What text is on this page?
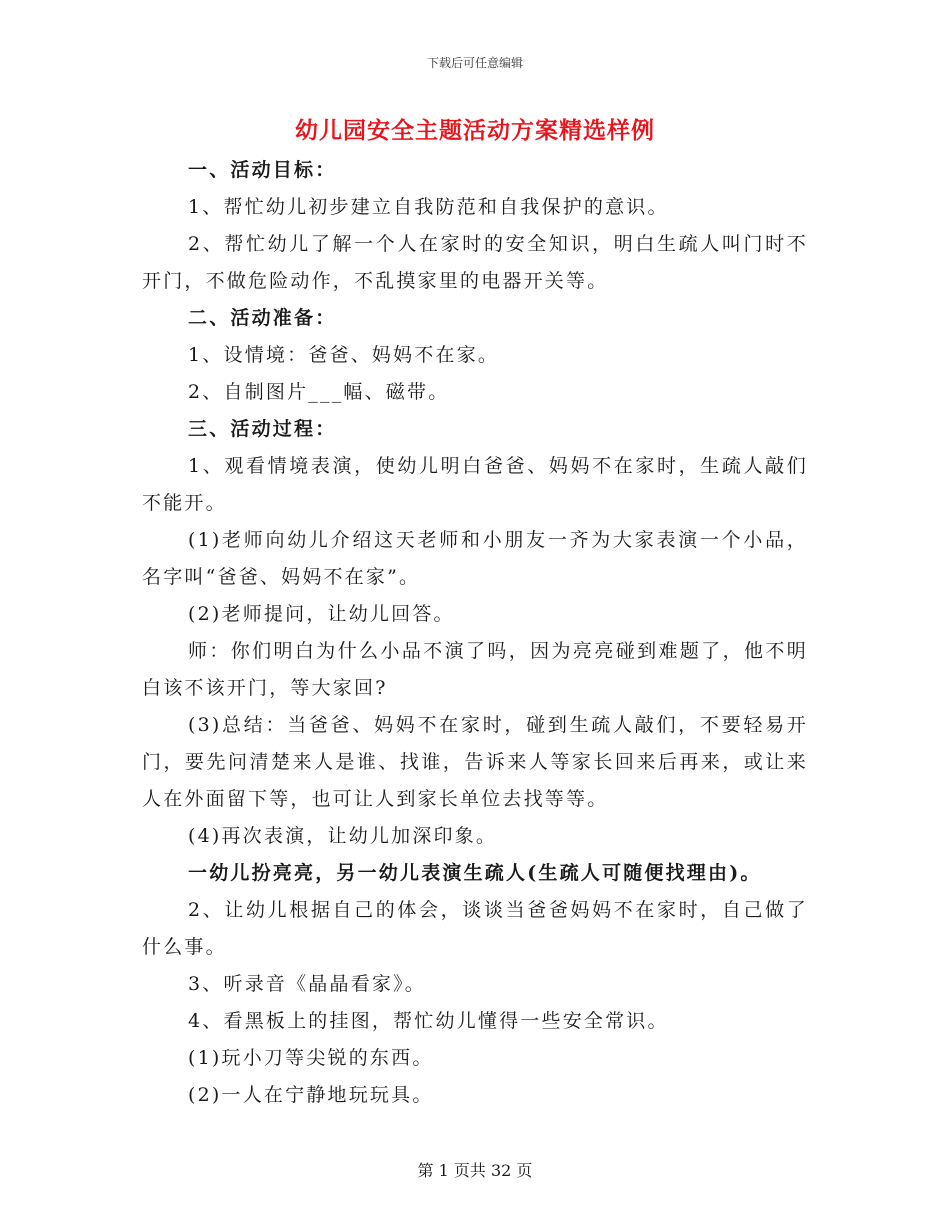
下载后可任意编辑
幼儿园安全主题活动方案精选样例

一、活动目标：

1、帮忙幼儿初步建立自我防范和自我保护的意识。

2、帮忙幼儿了解一个人在家时的安全知识，明白生疏人叫门时不开门，不做危险动作，不乱摸家里的电器开关等。

二、活动准备：

1、设情境：爸爸、妈妈不在家。

2、自制图片___幅、磁带。

三、活动过程：

1、观看情境表演，使幼儿明白爸爸、妈妈不在家时，生疏人敲们不能开。

(1)老师向幼儿介绍这天老师和小朋友一齐为大家表演一个小品，名字叫“爸爸、妈妈不在家”。

(2)老师提问，让幼儿回答。

师：你们明白为什么小品不演了吗，因为亮亮碰到难题了，他不明白该不该开门，等大家回?

(3)总结：当爸爸、妈妈不在家时，碰到生疏人敲们，不要轻易开门，要先问清楚来人是谁、找谁，告诉来人等家长回来后再来，或让来人在外面留下等，也可让人到家长单位去找等等。

(4)再次表演，让幼儿加深印象。

一幼儿扮亮亮，另一幼儿表演生疏人(生疏人可随便找理由)。

2、让幼儿根据自己的体会，谈谈当爸爸妈妈不在家时，自己做了什么事。

3、听录音《晶晶看家》。

4、看黑板上的挂图，帮忙幼儿懂得一些安全常识。

(1)玩小刀等尖锐的东西。

(2)一人在宁静地玩玩具。

第 1 页共 32 页
